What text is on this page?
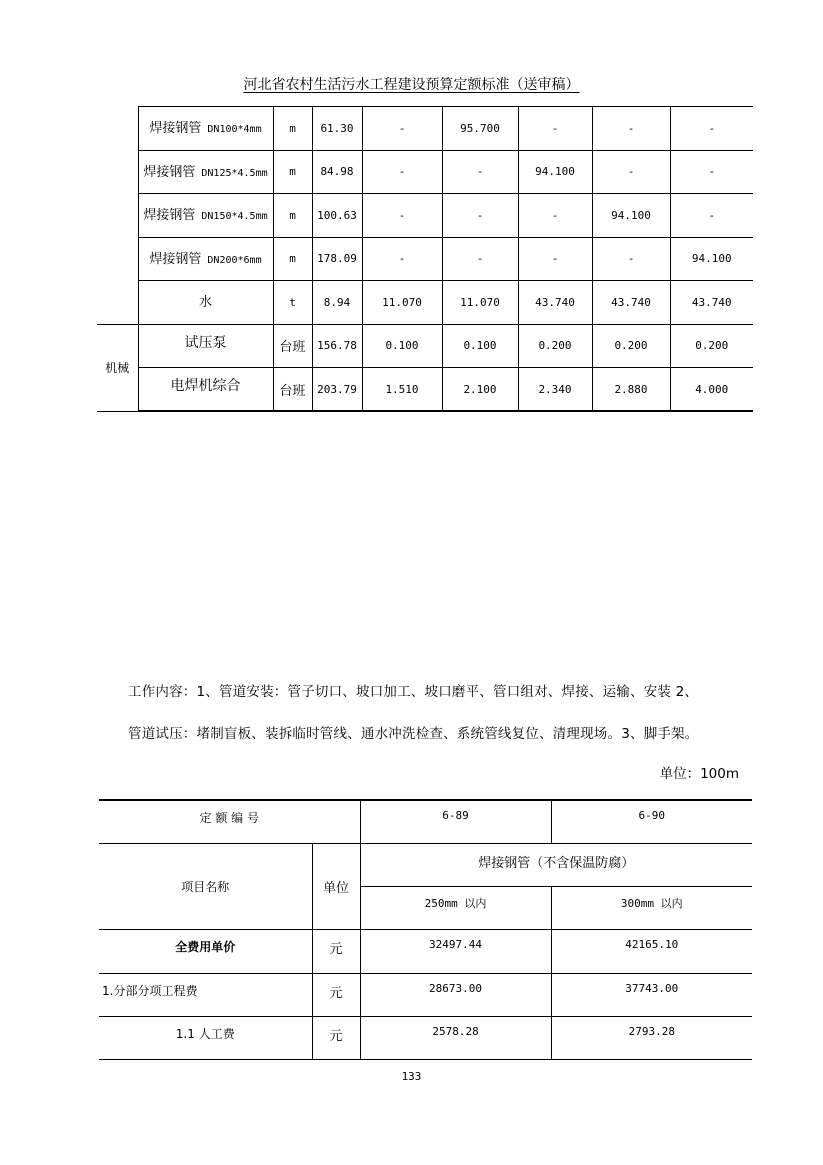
河北省农村生活污水工程建设预算定额标准（送审稿）
	焊接钢管 DN100*4mm	m	61.30	-	95.700	-	-	-
	焊接钢管 DN125*4.5mm	m	84.98	-	-	94.100	-	-
	焊接钢管 DN150*4.5mm	m	100.63	-	-	-	94.100	-
	焊接钢管 DN200*6mm	m	178.09	-	-	-	-	94.100
	水	t	8.94	11.070	11.070	43.740	43.740	43.740
机械	试压泵	台班	156.78	0.100	0.100	0.200	0.200	0.200
	电焊机综合	台班	203.79	1.510	2.100	2.340	2.880	4.000
工作内容：1、管道安装：管子切口、坡口加工、坡口磨平、管口组对、焊接、运输、安装 2、
管道试压：堵制盲板、装拆临时管线、通水冲洗检查、系统管线复位、清理现场。3、脚手架。
单位：100m
定 额 编 号		6-89	6-90
项目名称	单位	焊接钢管（不含保温防腐）	
		250mm 以内	300mm 以内
全费用单价	元	32497.44	42165.10
1.分部分项工程费	元	28673.00	37743.00
1.1 人工费	元	2578.28	2793.28
133
